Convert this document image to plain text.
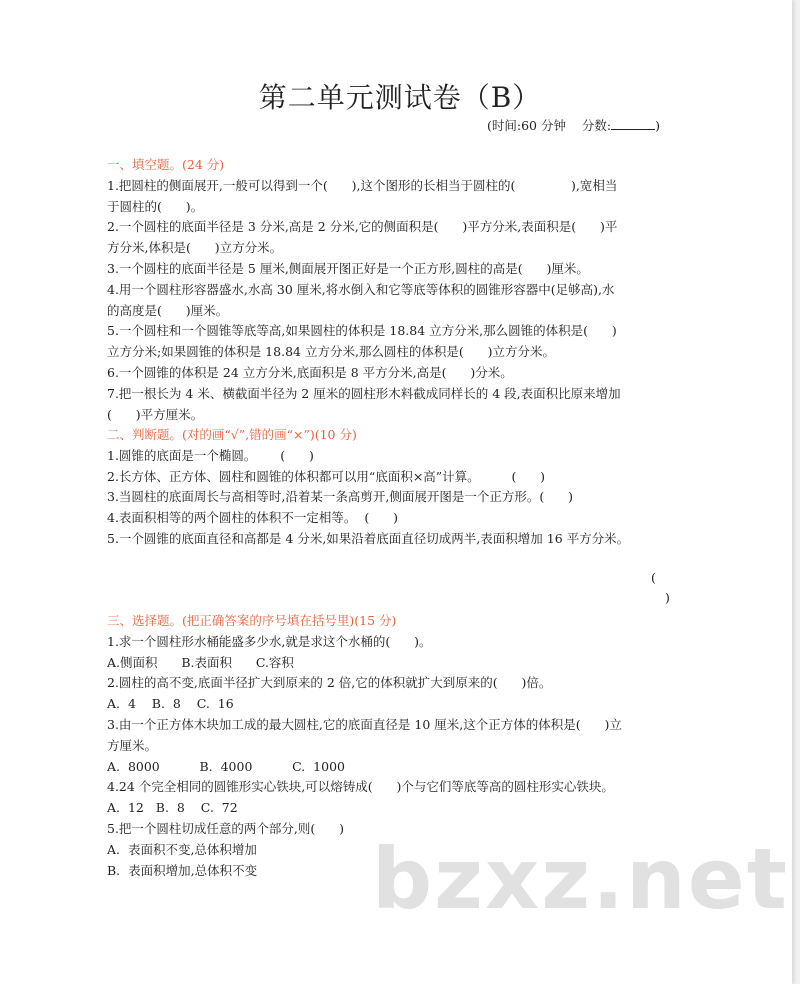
第二单元测试卷（B）
(时间:60 分钟    分数:	)
一、填空题。(24 分)
1.把圆柱的侧面展开,一般可以得到一个(      ),这个图形的长相当于圆柱的(              ),宽相当
于圆柱的(      )。
2.一个圆柱的底面半径是 3 分米,高是 2 分米,它的侧面积是(      )平方分米,表面积是(      )平
方分米,体积是(      )立方分米。
3.一个圆柱的底面半径是 5 厘米,侧面展开图正好是一个正方形,圆柱的高是(      )厘米。
4.用一个圆柱形容器盛水,水高 30 厘米,将水倒入和它等底等体积的圆锥形容器中(足够高),水
的高度是(      )厘米。
5.一个圆柱和一个圆锥等底等高,如果圆柱的体积是 18.84 立方分米,那么圆锥的体积是(      )
立方分米;如果圆锥的体积是 18.84 立方分米,那么圆柱的体积是(      )立方分米。
6.一个圆锥的体积是 24 立方分米,底面积是 8 平方分米,高是(      )分米。
7.把一根长为 4 米、横截面半径为 2 厘米的圆柱形木料截成同样长的 4 段,表面积比原来增加
(      )平方厘米。
二、判断题。(对的画“√”,错的画“×”)(10 分)
1.圆锥的底面是一个椭圆。      (      )
2.长方体、正方体、圆柱和圆锥的体积都可以用“底面积×高”计算。        (      )
3.当圆柱的底面周长与高相等时,沿着某一条高剪开,侧面展开图是一个正方形。(      )
4.表面积相等的两个圆柱的体积不一定相等。  (      )
5.一个圆锥的底面直径和高都是 4 分米,如果沿着底面直径切成两半,表面积增加 16 平方分米。
(
)
三、选择题。(把正确答案的序号填在括号里)(15 分)
1.求一个圆柱形水桶能盛多少水,就是求这个水桶的(      )。
A.侧面积      B.表面积      C.容积
2.圆柱的高不变,底面半径扩大到原来的 2 倍,它的体积就扩大到原来的(      )倍。
A.  4    B.  8    C.  16
3.由一个正方体木块加工成的最大圆柱,它的底面直径是 10 厘米,这个正方体的体积是(      )立
方厘米。
A.  8000          B.  4000          C.  1000
4.24 个完全相同的圆锥形实心铁块,可以熔铸成(      )个与它们等底等高的圆柱形实心铁块。
A.  12   B.  8    C.  72
5.把一个圆柱切成任意的两个部分,则(      )
A.  表面积不变,总体积增加
B.  表面积增加,总体积不变 bzxz.net
